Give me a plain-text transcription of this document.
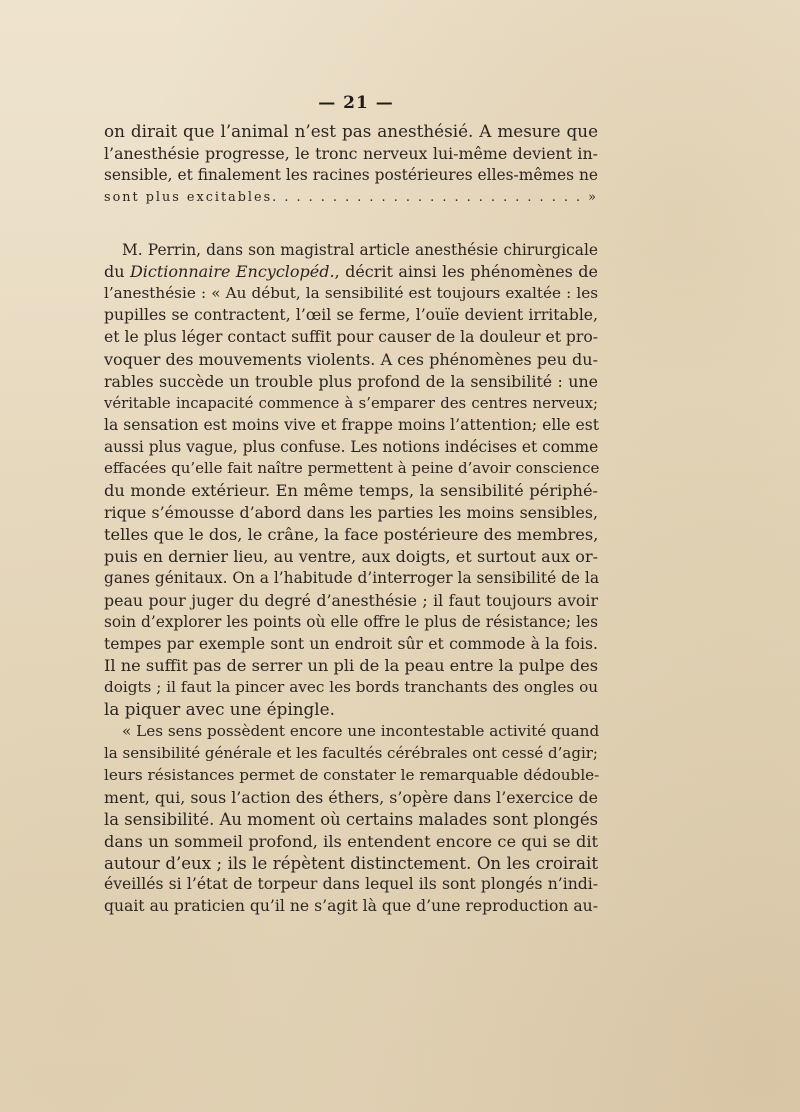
— 21 —
on dirait que l’animal n’est pas anesthésié. A mesure que
l’anesthésie progresse, le tronc nerveux lui-même devient in-
sensible, et finalement les racines postérieures elles-mêmes ne
sont plus excitables. . . . . . . . . . . . . . . . . . . . . . . . . . »
M. Perrin, dans son magistral article anesthésie chirurgicale
du Dictionnaire Encyclopéd., décrit ainsi les phénomènes de
l’anesthésie : « Au début, la sensibilité est toujours exaltée : les
pupilles se contractent, l’œil se ferme, l’ouïe devient irritable,
et le plus léger contact suffit pour causer de la douleur et pro-
voquer des mouvements violents. A ces phénomènes peu du-
rables succède un trouble plus profond de la sensibilité : une
véritable incapacité commence à s’emparer des centres nerveux;
la sensation est moins vive et frappe moins l’attention; elle est
aussi plus vague, plus confuse. Les notions indécises et comme
effacées qu’elle fait naître permettent à peine d’avoir conscience
du monde extérieur. En même temps, la sensibilité périphé-
rique s’émousse d’abord dans les parties les moins sensibles,
telles que le dos, le crâne, la face postérieure des membres,
puis en dernier lieu, au ventre, aux doigts, et surtout aux or-
ganes génitaux. On a l’habitude d’interroger la sensibilité de la
peau pour juger du degré d’anesthésie ; il faut toujours avoir
soin d’explorer les points où elle offre le plus de résistance; les
tempes par exemple sont un endroit sûr et commode à la fois.
Il ne suffit pas de serrer un pli de la peau entre la pulpe des
doigts ; il faut la pincer avec les bords tranchants des ongles ou
la piquer avec une épingle.
« Les sens possèdent encore une incontestable activité quand
la sensibilité générale et les facultés cérébrales ont cessé d’agir;
leurs résistances permet de constater le remarquable dédouble-
ment, qui, sous l’action des éthers, s’opère dans l’exercice de
la sensibilité. Au moment où certains malades sont plongés
dans un sommeil profond, ils entendent encore ce qui se dit
autour d’eux ; ils le répètent distinctement. On les croirait
éveillés si l’état de torpeur dans lequel ils sont plongés n’indi-
quait au praticien qu’il ne s’agit là que d’une reproduction au-
